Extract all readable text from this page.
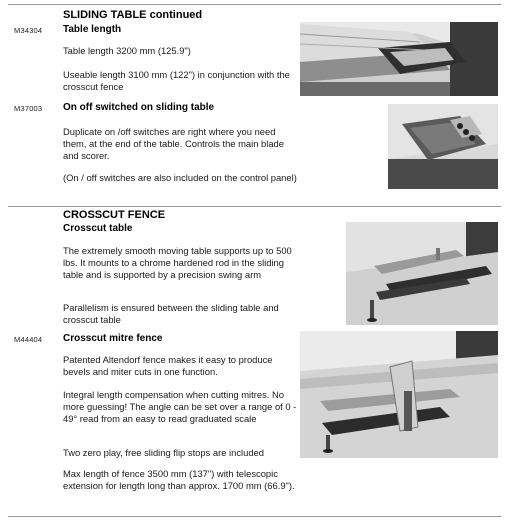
M34304
SLIDING TABLE continued
Table length
Table length 3200 mm (125.9")
Useable length 3100 mm (122") in conjunction with the crosscut fence
M37003 On off switched on sliding table
Duplicate on /off switches are right where you need them, at the end of the table. Controls the main blade and scorer.
(On / off switches are also included on the control panel)
CROSSCUT FENCE
Crosscut table
The extremely smooth moving table supports up to 500 lbs. It mounts to a chrome hardened rod in the sliding table and is supported by a precision swing arm
Parallelism is ensured between the sliding table and crosscut table
M44404 Crosscut mitre fence
Patented Altendorf fence makes it easy to produce bevels and miter cuts in one function.
Integral length compensation when cutting mitres. No more guessing! The angle can be set over a range of 0 - 49° read from an easy to read graduated scale
Two zero play, free sliding flip stops are included
Max length of fence 3500 mm (137") with telescopic extension for length long than approx. 1700 mm (66.9").
